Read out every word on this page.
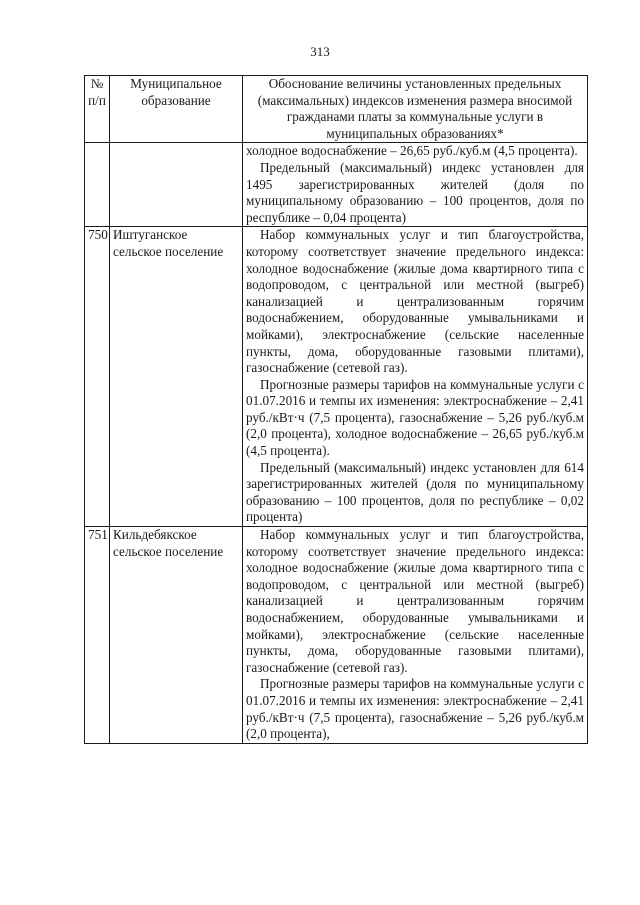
313
№ п/п	Муниципальное образование	Обоснование величины установленных предельных (максимальных) индексов изменения размера вносимой гражданами платы за коммунальные услуги в муниципальных образованиях*

		холодное водоснабжение – 26,65 руб./куб.м (4,5 процента).
Предельный (максимальный) индекс установлен для 1495 зарегистрированных жителей (доля по муниципальному образованию – 100 процентов, доля по республике – 0,04 процента)

750	Иштуганское сельское поселение	Набор коммунальных услуг и тип благоустройства, которому соответствует значение предельного индекса: холодное водоснабжение (жилые дома квартирного типа с водопроводом, с центральной или местной (выгреб) канализацией и централизованным горячим водоснабжением, оборудованные умывальниками и мойками), электроснабжение (сельские населенные пункты, дома, оборудованные газовыми плитами), газоснабжение (сетевой газ).
Прогнозные размеры тарифов на коммунальные услуги с 01.07.2016 и темпы их изменения: электроснабжение – 2,41 руб./кВт·ч (7,5 процента), газоснабжение – 5,26 руб./куб.м (2,0 процента), холодное водоснабжение – 26,65 руб./куб.м (4,5 процента).
Предельный (максимальный) индекс установлен для 614 зарегистрированных жителей (доля по муниципальному образованию – 100 процентов, доля по республике – 0,02 процента)

751	Кильдебякское сельское поселение	Набор коммунальных услуг и тип благоустройства, которому соответствует значение предельного индекса: холодное водоснабжение (жилые дома квартирного типа с водопроводом, с центральной или местной (выгреб) канализацией и централизованным горячим водоснабжением, оборудованные умывальниками и мойками), электроснабжение (сельские населенные пункты, дома, оборудованные газовыми плитами), газоснабжение (сетевой газ).
Прогнозные размеры тарифов на коммунальные услуги с 01.07.2016 и темпы их изменения: электроснабжение – 2,41 руб./кВт·ч (7,5 процента), газоснабжение – 5,26 руб./куб.м (2,0 процента),
